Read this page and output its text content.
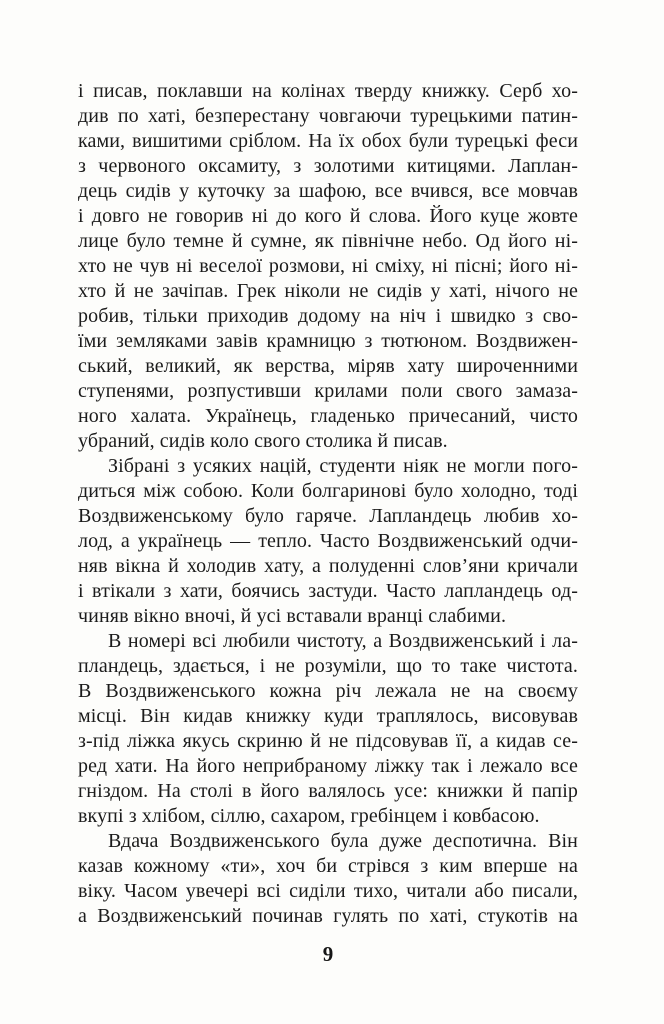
і писав, поклавши на колінах тверду книжку. Серб хо-
див по хаті, безперестану човгаючи турецькими патин-
ками, вишитими сріблом. На їх обох були турецькі феси
з червоного оксамиту, з золотими китицями. Лаплан-
дець сидів у куточку за шафою, все вчився, все мовчав
і довго не говорив ні до кого й слова. Його куце жовте
лице було темне й сумне, як північне небо. Од його ні-
хто не чув ні веселої розмови, ні сміху, ні пісні; його ні-
хто й не зачіпав. Грек ніколи не сидів у хаті, нічого не
робив, тільки приходив додому на ніч і швидко з сво-
їми земляками завів крамницю з тютюном. Воздвижен-
ський, великий, як верства, міряв хату широченними
ступенями, розпустивши крилами поли свого замаза-
ного халата. Українець, гладенько причесаний, чисто
убраний, сидів коло свого столика й писав.
Зібрані з усяких націй, студенти ніяк не могли пого-
диться між собою. Коли болгаринові було холодно, тоді
Воздвиженському було гаряче. Лапландець любив хо-
лод, а українець — тепло. Часто Воздвиженський одчи-
няв вікна й холодив хату, а полуденні слов’яни кричали
і втікали з хати, боячись застуди. Часто лапландець од-
чиняв вікно вночі, й усі вставали вранці слабими.
В номері всі любили чистоту, а Воздвиженський і ла-
пландець, здається, і не розуміли, що то таке чистота.
В Воздвиженського кожна річ лежала не на своєму
місці. Він кидав книжку куди траплялось, висовував
з-під ліжка якусь скриню й не підсовував її, а кидав се-
ред хати. На його неприбраному ліжку так і лежало все
гніздом. На столі в його валялось усе: книжки й папір
вкупі з хлібом, сіллю, сахаром, гребінцем і ковбасою.
Вдача Воздвиженського була дуже деспотична. Він
казав кожному «ти», хоч би стрівся з ким вперше на
віку. Часом увечері всі сиділи тихо, читали або писали,
а Воздвиженський починав гулять по хаті, стукотів на
9
